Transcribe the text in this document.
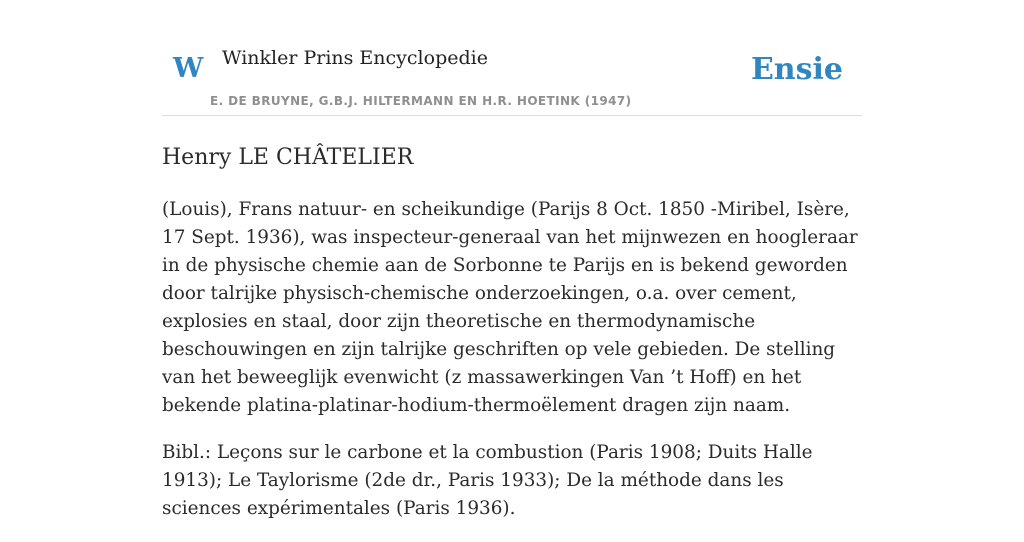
W Winkler Prins Encyclopedie	Ensie
E. DE BRUYNE, G.B.J. HILTERMANN EN H.R. HOETINK (1947)
Henry LE CHÂTELIER

(Louis), Frans natuur- en scheikundige (Parijs 8 Oct. 1850 -Miribel, Isère, 17 Sept. 1936), was inspecteur-generaal van het mijnwezen en hoogleraar in de physische chemie aan de Sorbonne te Parijs en is bekend geworden door talrijke physisch-chemische onderzoekingen, o.a. over cement, explosies en staal, door zijn theoretische en thermodynamische beschouwingen en zijn talrijke geschriften op vele gebieden. De stelling van het beweeglijk evenwicht (z massawerkingen Van ’t Hoff) en het bekende platina-platinar-hodium-thermoëlement dragen zijn naam.

Bibl.: Leçons sur le carbone et la combustion (Paris 1908; Duits Halle 1913); Le Taylorisme (2de dr., Paris 1933); De la méthode dans les sciences expérimentales (Paris 1936).
